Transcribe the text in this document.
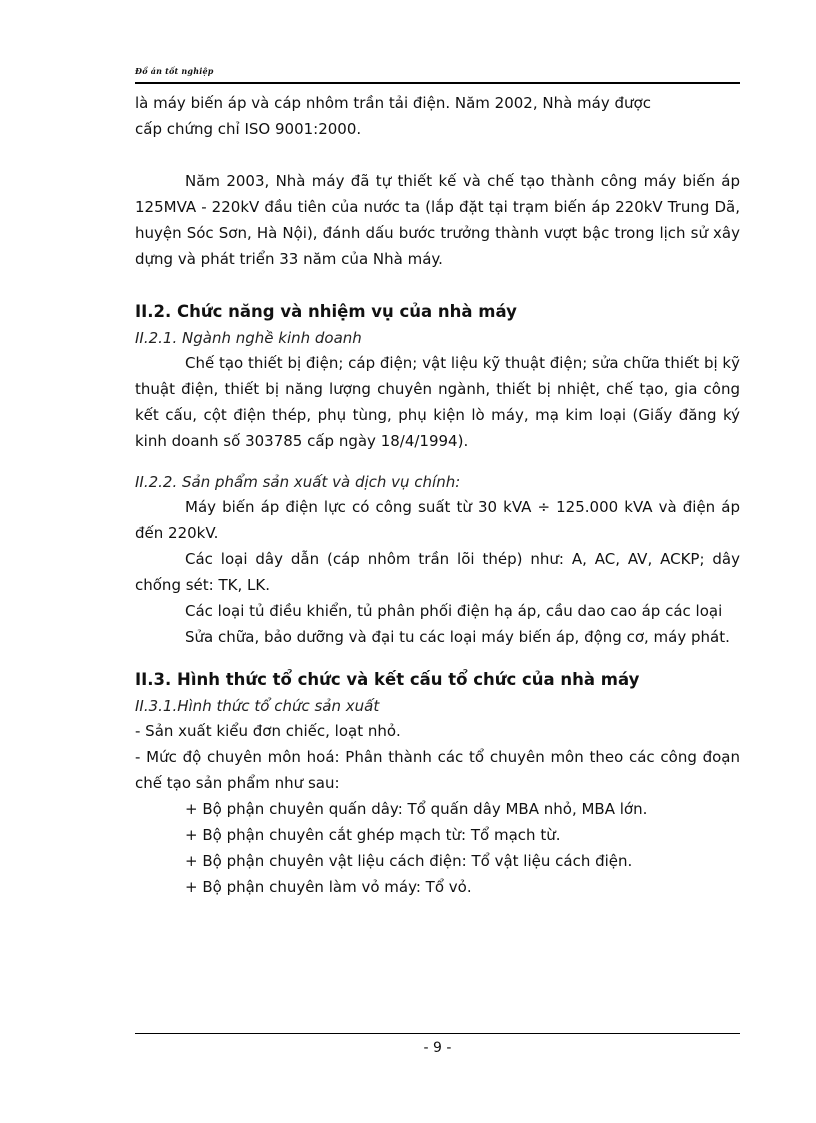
Đồ án tốt nghiệp

là máy biến áp và cáp nhôm trần tải điện. Năm 2002, Nhà máy được

cấp chứng chỉ ISO 9001:2000.

Năm 2003, Nhà máy đã tự thiết kế và chế tạo thành công máy biến áp 125MVA - 220kV đầu tiên của nước ta (lắp đặt tại trạm biến áp 220kV Trung Dã, huyện Sóc Sơn, Hà Nội), đánh dấu bước trưởng thành vượt bậc trong lịch sử xây dựng và phát triển 33 năm của Nhà máy.

II.2. Chức năng và nhiệm vụ của nhà máy
II.2.1. Ngành nghề kinh doanh

Chế tạo thiết bị điện; cáp điện; vật liệu kỹ thuật điện; sửa chữa thiết bị kỹ thuật điện, thiết bị năng lượng chuyên ngành, thiết bị nhiệt, chế tạo, gia công kết cấu, cột điện thép, phụ tùng, phụ kiện lò máy, mạ kim loại (Giấy đăng ký kinh doanh số 303785 cấp ngày 18/4/1994).

II.2.2. Sản phẩm sản xuất và dịch vụ chính:

Máy biến áp điện lực có công suất từ 30 kVA ÷ 125.000 kVA và điện áp đến 220kV.

Các loại dây dẫn (cáp nhôm trần lõi thép) như: A, AC, AV, ACKP; dây chống sét: TK, LK.

Các loại tủ điều khiển, tủ phân phối điện hạ áp, cầu dao cao áp các loại

Sửa chữa, bảo dưỡng và đại tu các loại máy biến áp, động cơ, máy phát.

II.3. Hình thức tổ chức và kết cấu tổ chức của nhà máy
II.3.1.Hình thức tổ chức sản xuất

- Sản xuất kiểu đơn chiếc, loạt nhỏ.

- Mức độ chuyên môn hoá: Phân thành các tổ chuyên môn theo các công đoạn chế tạo sản phẩm như sau:

+ Bộ phận chuyên quấn dây: Tổ quấn dây MBA nhỏ, MBA lớn.

+ Bộ phận chuyên cắt ghép mạch từ: Tổ mạch từ.

+ Bộ phận chuyên vật liệu cách điện: Tổ vật liệu cách điện.

+ Bộ phận chuyên làm vỏ máy: Tổ vỏ.

- 9 -
